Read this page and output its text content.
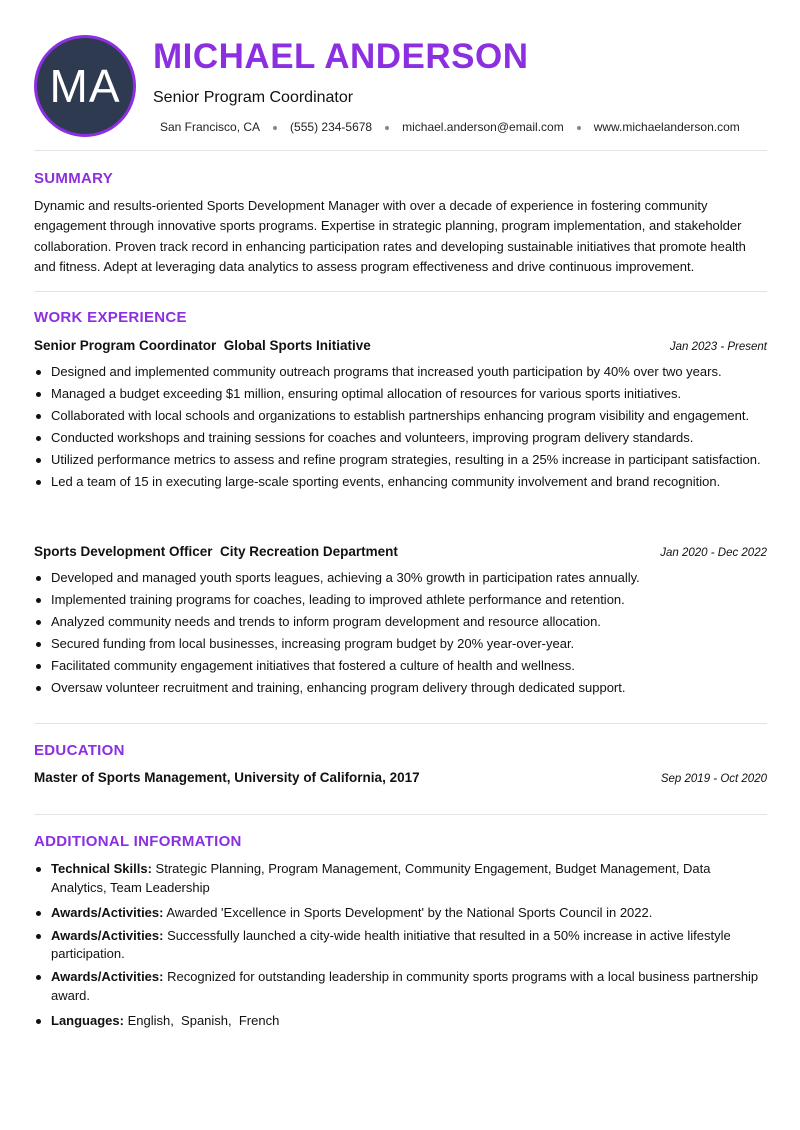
MA
MICHAEL ANDERSON
Senior Program Coordinator
San Francisco, CA	(555) 234-5678	michael.anderson@email.com	www.michaelanderson.com
SUMMARY
Dynamic and results-oriented Sports Development Manager with over a decade of experience in fostering community engagement through innovative sports programs. Expertise in strategic planning, program implementation, and stakeholder collaboration. Proven track record in enhancing participation rates and developing sustainable initiatives that promote health and fitness. Adept at leveraging data analytics to assess program effectiveness and drive continuous improvement.
WORK EXPERIENCE
Senior Program Coordinator  Global Sports Initiative	Jan 2023 - Present
Designed and implemented community outreach programs that increased youth participation by 40% over two years.
Managed a budget exceeding $1 million, ensuring optimal allocation of resources for various sports initiatives.
Collaborated with local schools and organizations to establish partnerships enhancing program visibility and engagement.
Conducted workshops and training sessions for coaches and volunteers, improving program delivery standards.
Utilized performance metrics to assess and refine program strategies, resulting in a 25% increase in participant satisfaction.
Led a team of 15 in executing large-scale sporting events, enhancing community involvement and brand recognition.
Sports Development Officer  City Recreation Department	Jan 2020 - Dec 2022
Developed and managed youth sports leagues, achieving a 30% growth in participation rates annually.
Implemented training programs for coaches, leading to improved athlete performance and retention.
Analyzed community needs and trends to inform program development and resource allocation.
Secured funding from local businesses, increasing program budget by 20% year-over-year.
Facilitated community engagement initiatives that fostered a culture of health and wellness.
Oversaw volunteer recruitment and training, enhancing program delivery through dedicated support.
EDUCATION
Master of Sports Management, University of California, 2017	Sep 2019 - Oct 2020
ADDITIONAL INFORMATION
Technical Skills: Strategic Planning, Program Management, Community Engagement, Budget Management, Data Analytics, Team Leadership
Awards/Activities: Awarded 'Excellence in Sports Development' by the National Sports Council in 2022.
Awards/Activities: Successfully launched a city-wide health initiative that resulted in a 50% increase in active lifestyle participation.
Awards/Activities: Recognized for outstanding leadership in community sports programs with a local business partnership award.
Languages: English,  Spanish,  French
